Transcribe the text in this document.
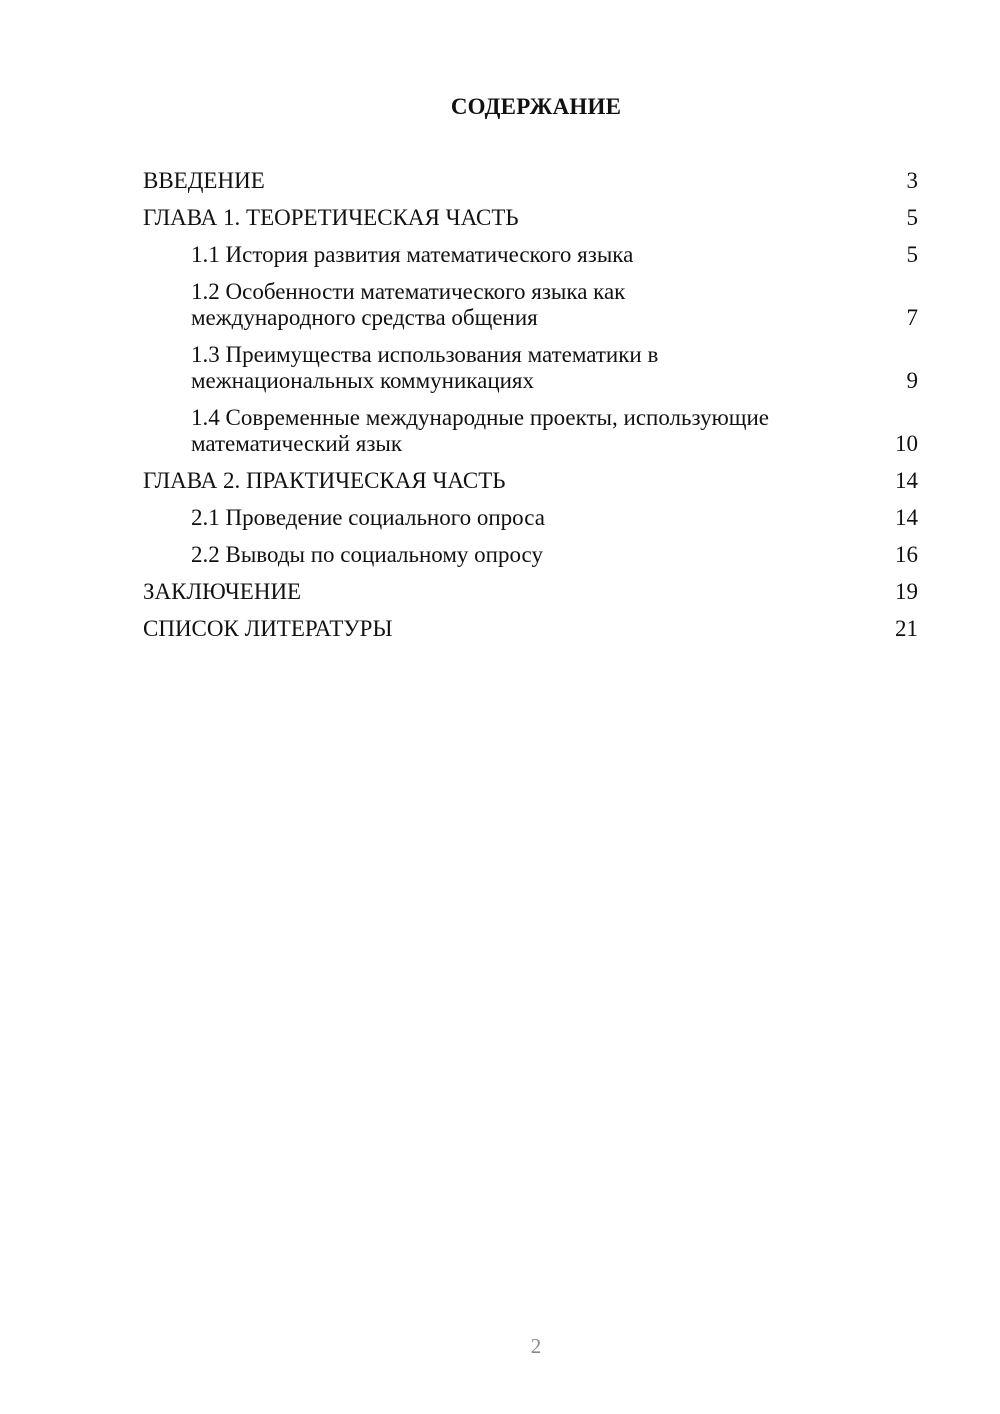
СОДЕРЖАНИЕ
ВВЕДЕНИЕ	3
ГЛАВА 1. ТЕОРЕТИЧЕСКАЯ ЧАСТЬ	5
1.1 История развития математического языка	5
1.2 Особенности математического языка как
международного средства общения	7
1.3 Преимущества использования математики в
межнациональных коммуникациях	9
1.4 Современные международные проекты, использующие
математический язык	10
ГЛАВА 2. ПРАКТИЧЕСКАЯ ЧАСТЬ	14
2.1 Проведение социального опроса	14
2.2 Выводы по социальному опросу	16
ЗАКЛЮЧЕНИЕ	19
СПИСОК ЛИТЕРАТУРЫ	21
2
